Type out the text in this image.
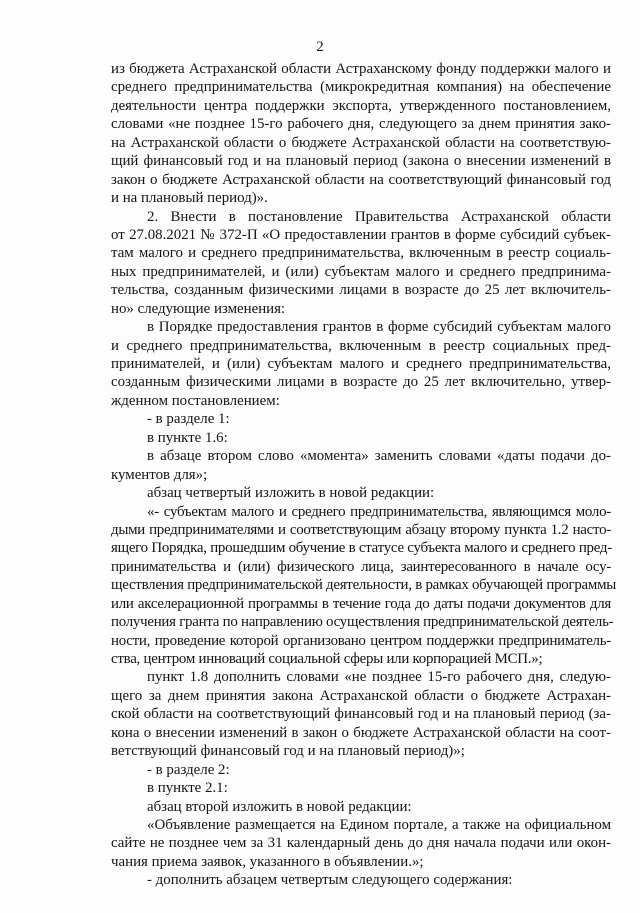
2
из бюджета Астраханской области Астраханскому фонду поддержки малого и
среднего предпринимательства (микрокредитная компания) на обеспечение
деятельности центра поддержки экспорта, утвержденного постановлением,
словами «не позднее 15-го рабочего дня, следующего за днем принятия зако-
на Астраханской области о бюджете Астраханской области на соответствую-
щий финансовый год и на плановый период (закона о внесении изменений в
закон о бюджете Астраханской области на соответствующий финансовый год
и на плановый период)».
2. Внести в постановление Правительства Астраханской области
от 27.08.2021 № 372-П «О предоставлении грантов в форме субсидий субъек-
там малого и среднего предпринимательства, включенным в реестр социаль-
ных предпринимателей, и (или) субъектам малого и среднего предпринима-
тельства, созданным физическими лицами в возрасте до 25 лет включитель-
но» следующие изменения:
в Порядке предоставления грантов в форме субсидий субъектам малого
и среднего предпринимательства, включенным в реестр социальных пред-
принимателей, и (или) субъектам малого и среднего предпринимательства,
созданным физическими лицами в возрасте до 25 лет включительно, утвер-
жденном постановлением:
- в разделе 1:
в пункте 1.6:
в абзаце втором слово «момента» заменить словами «даты подачи до-
кументов для»;
абзац четвертый изложить в новой редакции:
«- субъектам малого и среднего предпринимательства, являющимся моло-
дыми предпринимателями и соответствующим абзацу второму пункта 1.2 насто-
ящего Порядка, прошедшим обучение в статусе субъекта малого и среднего пред-
принимательства и (или) физического лица, заинтересованного в начале осу-
ществления предпринимательской деятельности, в рамках обучающей программы
или акселерационной программы в течение года до даты подачи документов для
получения гранта по направлению осуществления предпринимательской деятель-
ности, проведение которой организовано центром поддержки предприниматель-
ства, центром инноваций социальной сферы или корпорацией МСП.»;
пункт 1.8 дополнить словами «не позднее 15-го рабочего дня, следую-
щего за днем принятия закона Астраханской области о бюджете Астрахан-
ской области на соответствующий финансовый год и на плановый период (за-
кона о внесении изменений в закон о бюджете Астраханской области на соот-
ветствующий финансовый год и на плановый период)»;
- в разделе 2:
в пункте 2.1:
абзац второй изложить в новой редакции:
«Объявление размещается на Едином портале, а также на официальном
сайте не позднее чем за 31 календарный день до дня начала подачи или окон-
чания приема заявок, указанного в объявлении.»;
- дополнить абзацем четвертым следующего содержания:
